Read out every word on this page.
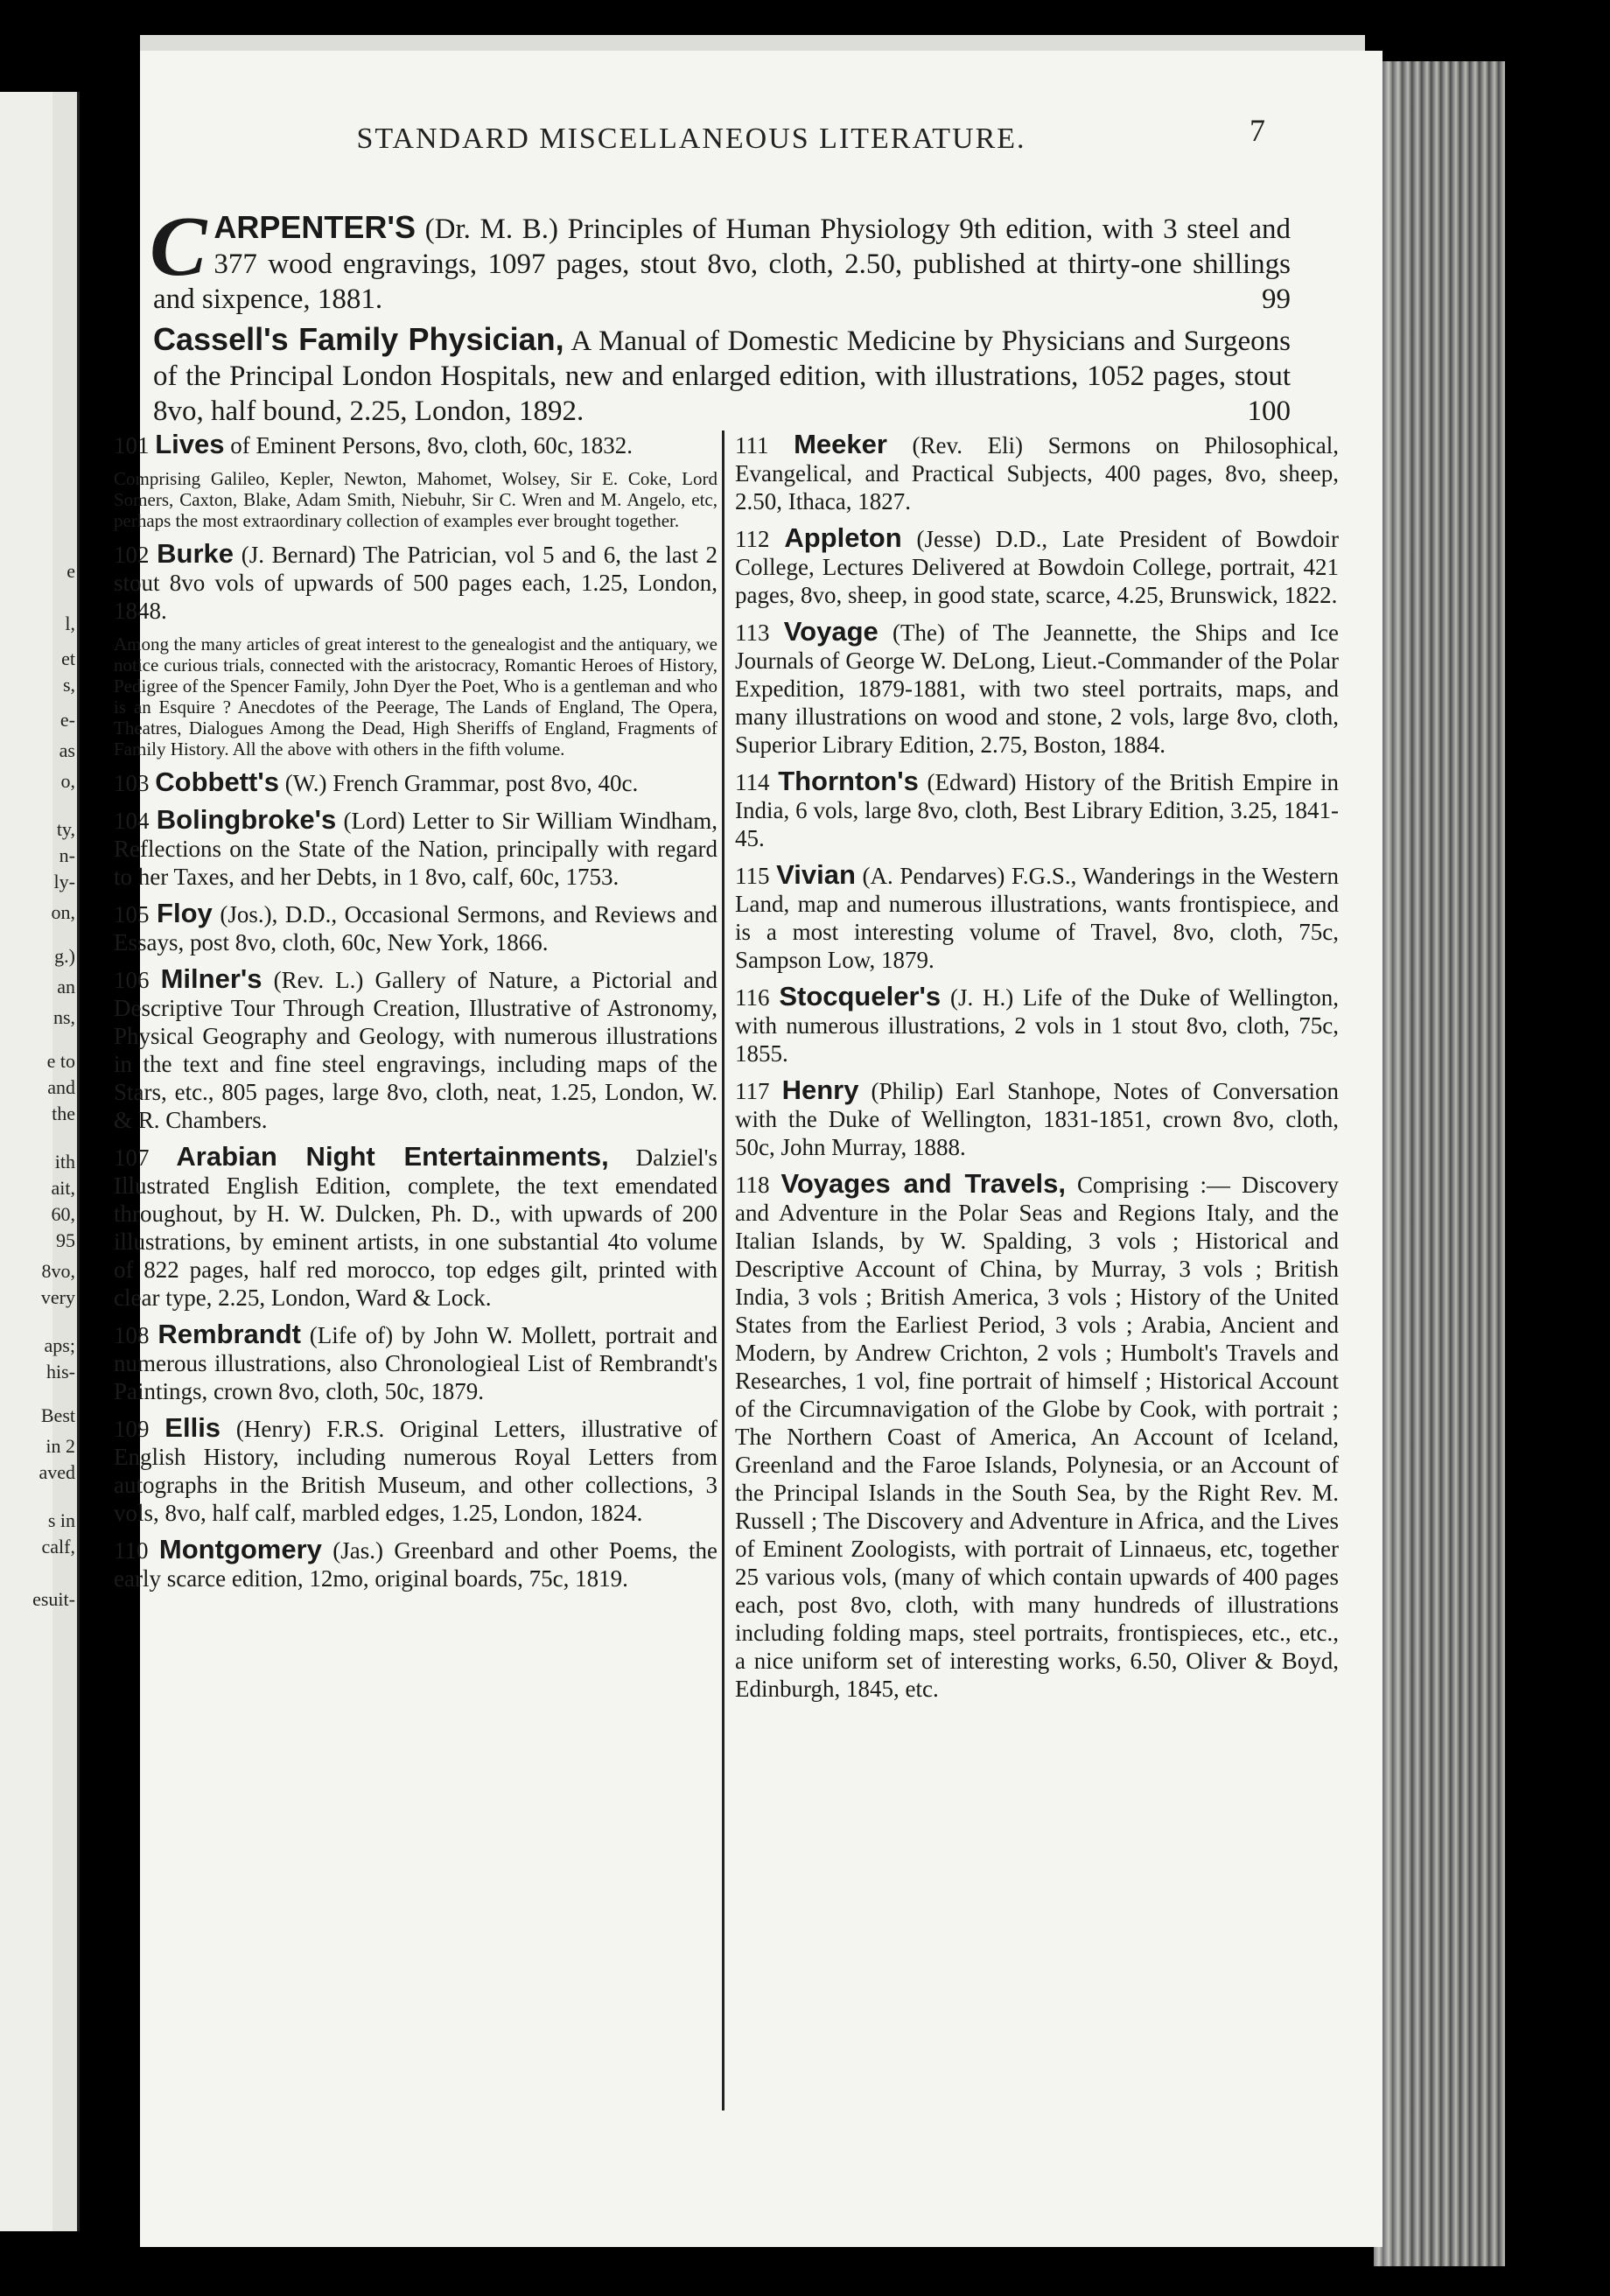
e
l,
et
s,
e-
as
o,
ty,
n-
ly-
on,
g.)
an
ns,
e to
and
the
ith
ait,
60,
95
8vo,
very
aps;
his-
Best
in 2
aved
s in
calf,
esuit-
STANDARD MISCELLANEOUS LITERATURE.	7

C ARPENTER'S (Dr. M. B.) Principles of Human Physiology 9th edition, with 3 steel and 377 wood engravings, 1097 pages, stout 8vo, cloth, 2.50, published at thirty-one shillings and sixpence, 1881.	99

Cassell's Family Physician, A Manual of Domestic Medicine by Physicians and Surgeons of the Principal London Hospitals, new and enlarged edition, with illustrations, 1052 pages, stout 8vo, half bound, 2.25, London, 1892.	100

101 Lives of Eminent Persons, 8vo, cloth, 60c, 1832.
Comprising Galileo, Kepler, Newton, Mahomet, Wolsey, Sir E. Coke, Lord Somers, Caxton, Blake, Adam Smith, Niebuhr, Sir C. Wren and M. Angelo, etc, perhaps the most extraordinary collection of examples ever brought together.
102 Burke (J. Bernard) The Patrician, vol 5 and 6, the last 2 stout 8vo vols of upwards of 500 pages each, 1.25, London, 1848.
Among the many articles of great interest to the genealogist and the antiquary, we notice curious trials, connected with the aristocracy, Romantic Heroes of History, Pedigree of the Spencer Family, John Dyer the Poet, Who is a gentleman and who is an Esquire ? Anecdotes of the Peerage, The Lands of England, The Opera, Theatres, Dialogues Among the Dead, High Sheriffs of England, Fragments of Family History. All the above with others in the fifth volume.
103 Cobbett's (W.) French Grammar, post 8vo, 40c.
104 Bolingbroke's (Lord) Letter to Sir William Windham, Reflections on the State of the Nation, principally with regard to her Taxes, and her Debts, in 1 8vo, calf, 60c, 1753.
105 Floy (Jos.), D.D., Occasional Sermons, and Reviews and Essays, post 8vo, cloth, 60c, New York, 1866.
106 Milner's (Rev. L.) Gallery of Nature, a Pictorial and Descriptive Tour Through Creation, Illustrative of Astronomy, Physical Geography and Geology, with numerous illustrations in the text and fine steel engravings, including maps of the Stars, etc., 805 pages, large 8vo, cloth, neat, 1.25, London, W. & R. Chambers.
107 Arabian Night Entertainments, Dalziel's Illustrated English Edition, complete, the text emendated throughout, by H. W. Dulcken, Ph. D., with upwards of 200 illustrations, by eminent artists, in one substantial 4to volume of 822 pages, half red morocco, top edges gilt, printed with clear type, 2.25, London, Ward & Lock.
108 Rembrandt (Life of) by John W. Mollett, portrait and numerous illustrations, also Chronologieal List of Rembrandt's Paintings, crown 8vo, cloth, 50c, 1879.
109 Ellis (Henry) F.R.S. Original Letters, illustrative of English History, including numerous Royal Letters from autographs in the British Museum, and other collections, 3 vols, 8vo, half calf, marbled edges, 1.25, London, 1824.
110 Montgomery (Jas.) Greenbard and other Poems, the early scarce edition, 12mo, original boards, 75c, 1819.
111 Meeker (Rev. Eli) Sermons on Philosophical, Evangelical, and Practical Subjects, 400 pages, 8vo, sheep, 2.50, Ithaca, 1827.
112 Appleton (Jesse) D.D., Late President of Bowdoir College, Lectures Delivered at Bowdoin College, portrait, 421 pages, 8vo, sheep, in good state, scarce, 4.25, Brunswick, 1822.
113 Voyage (The) of The Jeannette, the Ships and Ice Journals of George W. DeLong, Lieut.-Commander of the Polar Expedition, 1879-1881, with two steel portraits, maps, and many illustrations on wood and stone, 2 vols, large 8vo, cloth, Superior Library Edition, 2.75, Boston, 1884.
114 Thornton's (Edward) History of the British Empire in India, 6 vols, large 8vo, cloth, Best Library Edition, 3.25, 1841-45.
115 Vivian (A. Pendarves) F.G.S., Wanderings in the Western Land, map and numerous illustrations, wants frontispiece, and is a most interesting volume of Travel, 8vo, cloth, 75c, Sampson Low, 1879.
116 Stocqueler's (J. H.) Life of the Duke of Wellington, with numerous illustrations, 2 vols in 1 stout 8vo, cloth, 75c, 1855.
117 Henry (Philip) Earl Stanhope, Notes of Conversation with the Duke of Wellington, 1831-1851, crown 8vo, cloth, 50c, John Murray, 1888.
118 Voyages and Travels, Comprising :— Discovery and Adventure in the Polar Seas and Regions Italy, and the Italian Islands, by W. Spalding, 3 vols ; Historical and Descriptive Account of China, by Murray, 3 vols ; British India, 3 vols ; British America, 3 vols ; History of the United States from the Earliest Period, 3 vols ; Arabia, Ancient and Modern, by Andrew Crichton, 2 vols ; Humbolt's Travels and Researches, 1 vol, fine portrait of himself ; Historical Account of the Circumnavigation of the Globe by Cook, with portrait ; The Northern Coast of America, An Account of Iceland, Greenland and the Faroe Islands, Polynesia, or an Account of the Principal Islands in the South Sea, by the Right Rev. M. Russell ; The Discovery and Adventure in Africa, and the Lives of Eminent Zoologists, with portrait of Linnaeus, etc, together 25 various vols, (many of which contain upwards of 400 pages each, post 8vo, cloth, with many hundreds of illustrations including folding maps, steel portraits, frontispieces, etc., etc., a nice uniform set of interesting works, 6.50, Oliver & Boyd, Edinburgh, 1845, etc.
